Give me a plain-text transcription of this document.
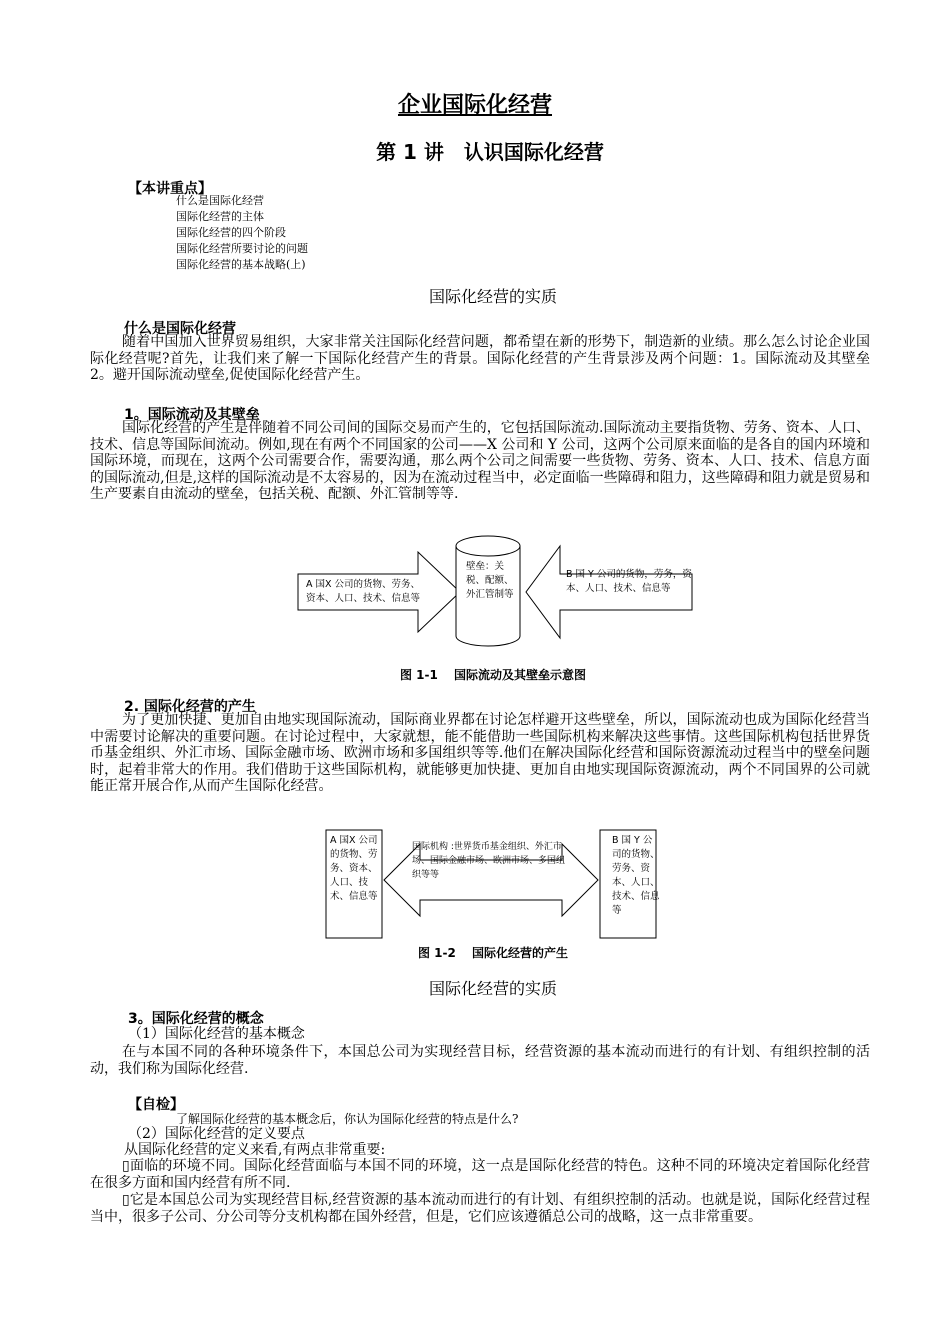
企业国际化经营
第 1 讲　认识国际化经营
【本讲重点】
什么是国际化经营
国际化经营的主体
国际化经营的四个阶段
国际化经营所要讨论的问题
国际化经营的基本战略(上)
国际化经营的实质
什么是国际化经营
随着中国加入世界贸易组织，大家非常关注国际化经营问题，都希望在新的形势下，制造新的业绩。那么怎么讨论企业国际化经营呢?首先，让我们来了解一下国际化经营产生的背景。国际化经营的产生背景涉及两个问题：1。国际流动及其壁垒 2。避开国际流动壁垒,促使国际化经营产生。
1。国际流动及其壁垒
国际化经营的产生是伴随着不同公司间的国际交易而产生的，它包括国际流动.国际流动主要指货物、劳务、资本、人口、技术、信息等国际间流动。例如,现在有两个不同国家的公司——X 公司和 Y 公司，这两个公司原来面临的是各自的国内环境和国际环境，而现在，这两个公司需要合作，需要沟通，那么两个公司之间需要一些货物、劳务、资本、人口、技术、信息方面的国际流动,但是,这样的国际流动是不太容易的，因为在流动过程当中，必定面临一些障碍和阻力，这些障碍和阻力就是贸易和生产要素自由流动的壁垒，包括关税、配额、外汇管制等等.
A 国X 公司的货物、劳务、资本、人口、技术、信息等
壁垒：关税、配额、外汇管制等
B 国 Y 公司的货物，劳务，资本、人口、技术、信息等
图 1-1　 国际流动及其壁垒示意图
2. 国际化经营的产生
为了更加快捷、更加自由地实现国际流动，国际商业界都在讨论怎样避开这些壁垒，所以，国际流动也成为国际化经营当中需要讨论解决的重要问题。在讨论过程中，大家就想，能不能借助一些国际机构来解决这些事情。这些国际机构包括世界货币基金组织、外汇市场、国际金融市场、欧洲市场和多国组织等等.他们在解决国际化经营和国际资源流动过程当中的壁垒问题时，起着非常大的作用。我们借助于这些国际机构，就能够更加快捷、更加自由地实现国际资源流动，两个不同国界的公司就能正常开展合作,从而产生国际化经营。
A 国X 公司的货物、劳务、资本、人口、技术、信息等
国际机构 :世界货币基金组织、外汇市场、国际金融市场、欧洲市场、多国组织等等
B 国 Y 公司的货物、劳务、资本、人口、技术、信息等
图 1-2　 国际化经营的产生
国际化经营的实质
3。国际化经营的概念
（1）国际化经营的基本概念
在与本国不同的各种环境条件下，本国总公司为实现经营目标，经营资源的基本流动而进行的有计划、有组织控制的活动，我们称为国际化经营.
【自检】
了解国际化经营的基本概念后，你认为国际化经营的特点是什么?
（2）国际化经营的定义要点
从国际化经营的定义来看,有两点非常重要:
▯面临的环境不同。国际化经营面临与本国不同的环境，这一点是国际化经营的特色。这种不同的环境决定着国际化经营在很多方面和国内经营有所不同.
▯它是本国总公司为实现经营目标,经营资源的基本流动而进行的有计划、有组织控制的活动。也就是说，国际化经营过程当中，很多子公司、分公司等分支机构都在国外经营，但是，它们应该遵循总公司的战略，这一点非常重要。
